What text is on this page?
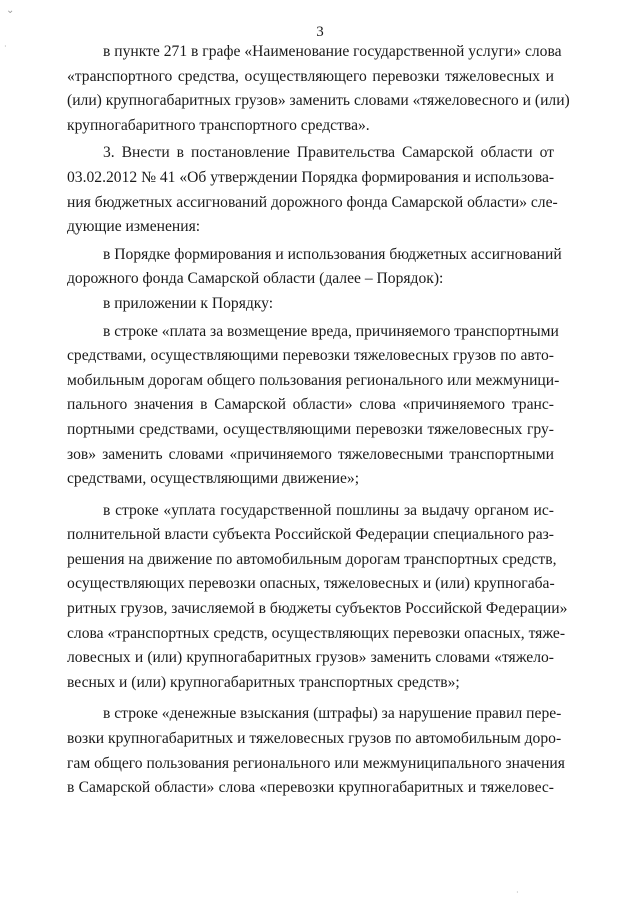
⌄
·
·
3
в пункте 271 в графе «Наименование государственной услуги» слова
«транспортного средства, осуществляющего перевозки тяжеловесных и
(или) крупногабаритных грузов» заменить словами «тяжеловесного и (или)
крупногабаритного транспортного средства».
3. Внести в постановление Правительства Самарской области от
03.02.2012 № 41 «Об утверждении Порядка формирования и использова-
ния бюджетных ассигнований дорожного фонда Самарской области» сле-
дующие изменения:
в Порядке формирования и использования бюджетных ассигнований
дорожного фонда Самарской области (далее – Порядок):
в приложении к Порядку:
в строке «плата за возмещение вреда, причиняемого транспортными
средствами, осуществляющими перевозки тяжеловесных грузов по авто-
мобильным дорогам общего пользования регионального или межмуници-
пального значения в Самарской области» слова «причиняемого транс-
портными средствами, осуществляющими перевозки тяжеловесных гру-
зов» заменить словами «причиняемого тяжеловесными транспортными
средствами, осуществляющими движение»;
в строке «уплата государственной пошлины за выдачу органом ис-
полнительной власти субъекта Российской Федерации специального раз-
решения на движение по автомобильным дорогам транспортных средств,
осуществляющих перевозки опасных, тяжеловесных и (или) крупногаба-
ритных грузов, зачисляемой в бюджеты субъектов Российской Федерации»
слова «транспортных средств, осуществляющих перевозки опасных, тяже-
ловесных и (или) крупногабаритных грузов» заменить словами «тяжело-
весных и (или) крупногабаритных транспортных средств»;
в строке «денежные взыскания (штрафы) за нарушение правил пере-
возки крупногабаритных и тяжеловесных грузов по автомобильным доро-
гам общего пользования регионального или межмуниципального значения
в Самарской области» слова «перевозки крупногабаритных и тяжеловес-
